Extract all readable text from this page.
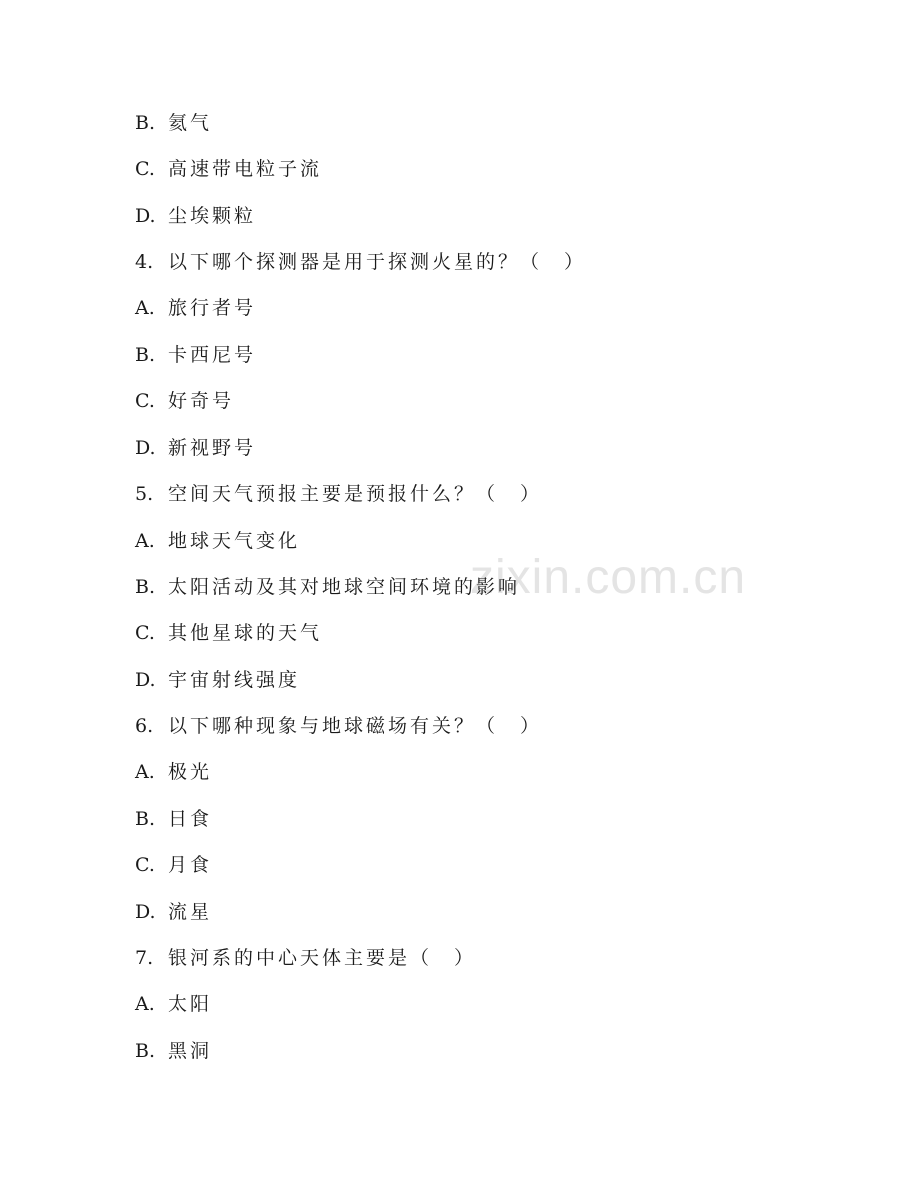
zixin.com.cn
B. 氦气
C. 高速带电粒子流
D. 尘埃颗粒
4. 以下哪个探测器是用于探测火星的？（　）
A. 旅行者号
B. 卡西尼号
C. 好奇号
D. 新视野号
5. 空间天气预报主要是预报什么？（　）
A. 地球天气变化
B. 太阳活动及其对地球空间环境的影响
C. 其他星球的天气
D. 宇宙射线强度
6. 以下哪种现象与地球磁场有关？（　）
A. 极光
B. 日食
C. 月食
D. 流星
7. 银河系的中心天体主要是（　）
A. 太阳
B. 黑洞
